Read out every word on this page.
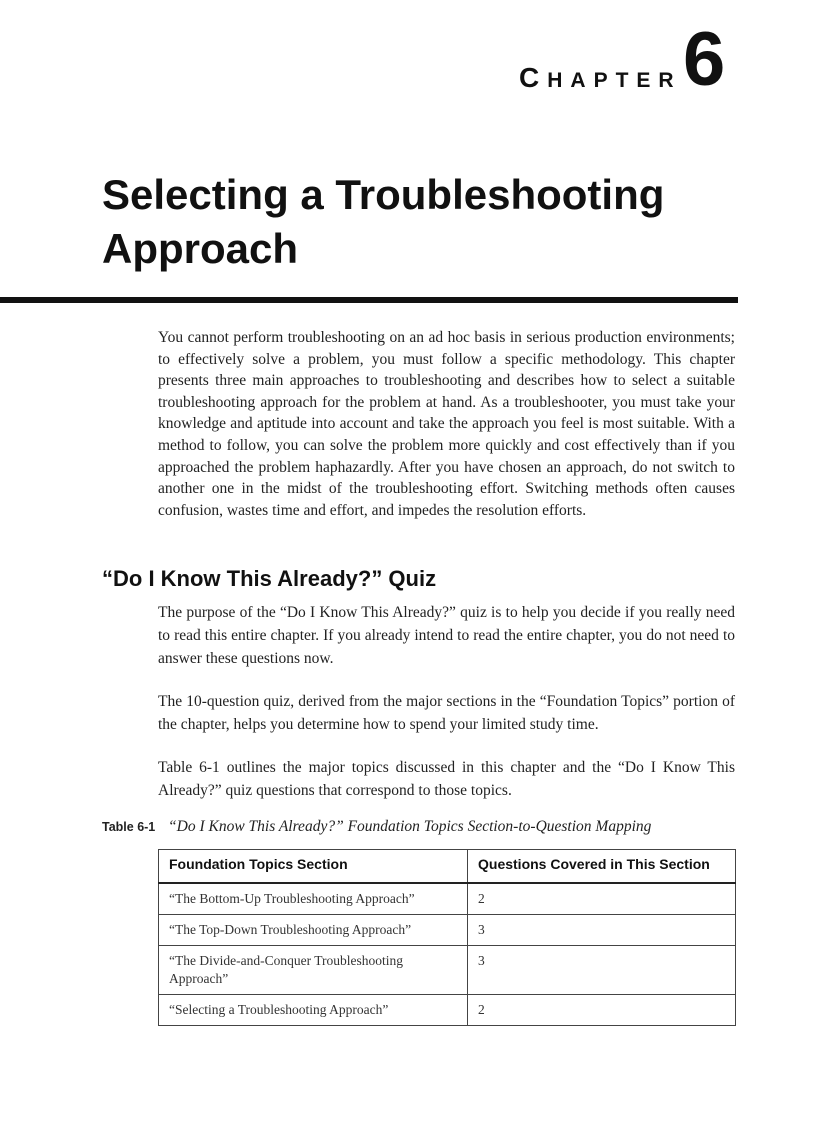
CHAPTER 6
Selecting a Troubleshooting Approach

You cannot perform troubleshooting on an ad hoc basis in serious production environments; to effectively solve a problem, you must follow a specific methodology. This chapter presents three main approaches to troubleshooting and describes how to select a suitable troubleshooting approach for the problem at hand. As a troubleshooter, you must take your knowledge and aptitude into account and take the approach you feel is most suitable. With a method to follow, you can solve the problem more quickly and cost effectively than if you approached the problem haphazardly. After you have chosen an approach, do not switch to another one in the midst of the troubleshooting effort. Switching methods often causes confusion, wastes time and effort, and impedes the resolution efforts.

“Do I Know This Already?” Quiz

The purpose of the “Do I Know This Already?” quiz is to help you decide if you really need to read this entire chapter. If you already intend to read the entire chapter, you do not need to answer these questions now.

The 10-question quiz, derived from the major sections in the “Foundation Topics” portion of the chapter, helps you determine how to spend your limited study time.

Table 6-1 outlines the major topics discussed in this chapter and the “Do I Know This Already?” quiz questions that correspond to those topics.

Table 6-1 “Do I Know This Already?” Foundation Topics Section-to-Question Mapping
Foundation Topics Section	Questions Covered in This Section
“The Bottom-Up Troubleshooting Approach”	2
“The Top-Down Troubleshooting Approach”	3
“The Divide-and-Conquer Troubleshooting Approach”	3
“Selecting a Troubleshooting Approach”	2
